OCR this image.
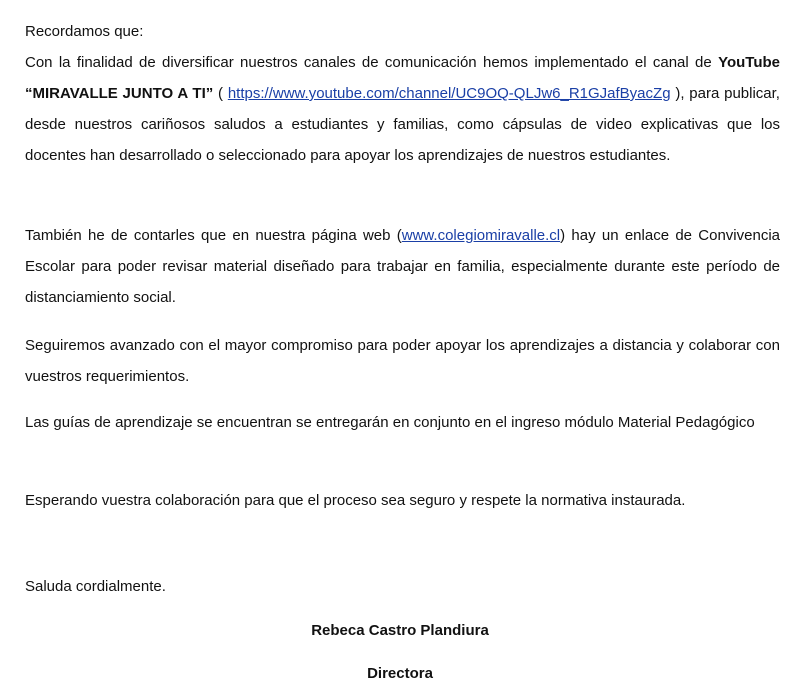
Recordamos que:

Con la finalidad de diversificar nuestros canales de comunicación hemos implementado el canal de YouTube “MIRAVALLE JUNTO A TI” ( https://www.youtube.com/channel/UC9OQ-QLJw6_R1GJafByacZg ), para publicar, desde nuestros cariñosos saludos a estudiantes y familias, como cápsulas de video explicativas que los docentes han desarrollado o seleccionado para apoyar los aprendizajes de nuestros estudiantes.

También he de contarles que en nuestra página web (www.colegiomiravalle.cl) hay un enlace de Convivencia Escolar para poder revisar material diseñado para trabajar en familia, especialmente durante este período de distanciamiento social.

Seguiremos avanzado con el mayor compromiso para poder apoyar los aprendizajes a distancia y colaborar con vuestros requerimientos.

Las guías de aprendizaje se encuentran se entregarán en conjunto en el ingreso módulo Material Pedagógico

Esperando vuestra colaboración para que el proceso sea seguro y respete la normativa instaurada.

Saluda cordialmente.

Rebeca Castro Plandiura

Directora
